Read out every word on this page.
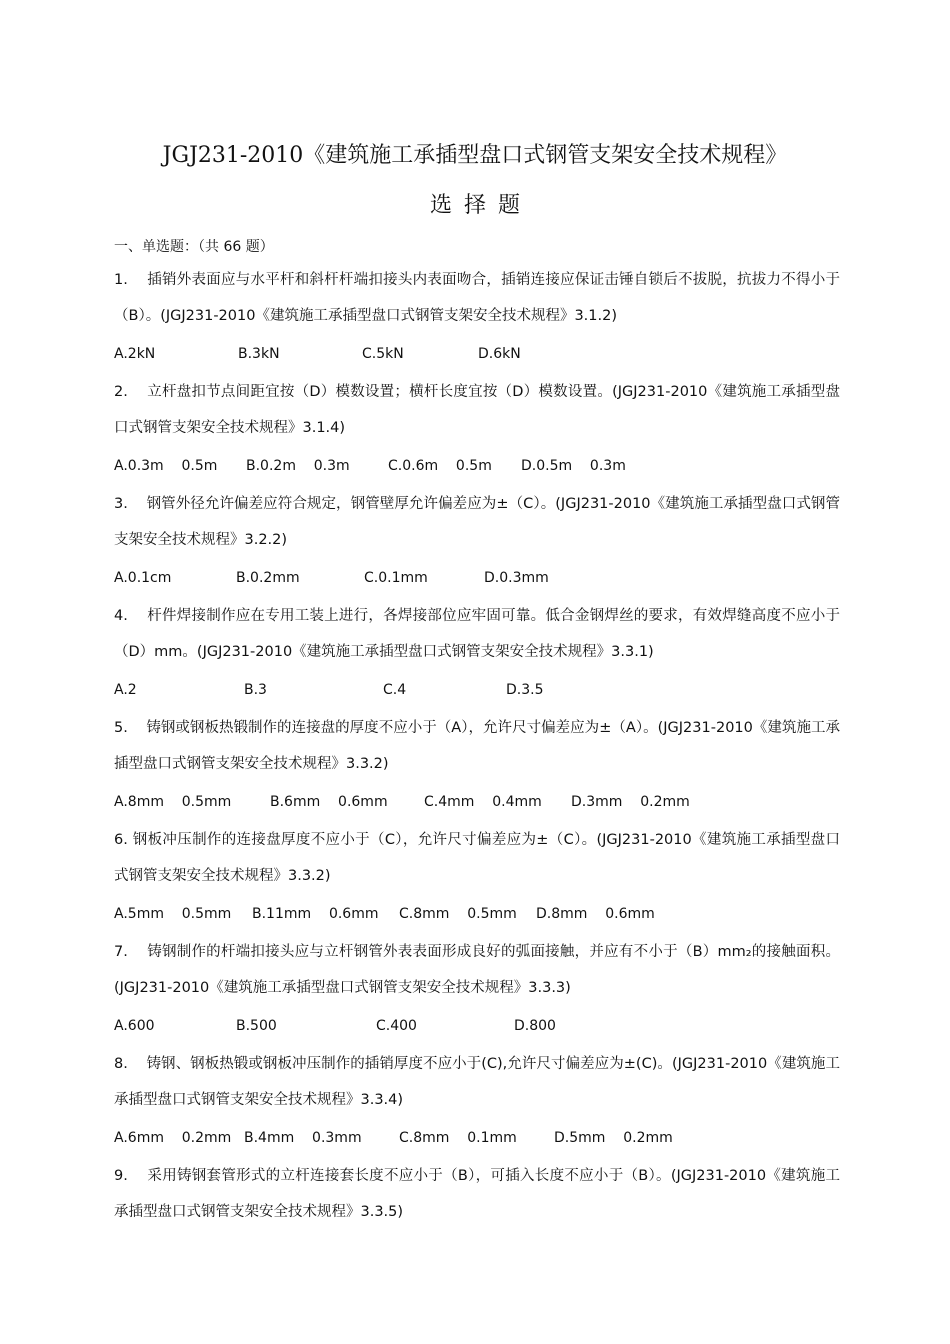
JGJ231-2010《建筑施工承插型盘口式钢管支架安全技术规程》
选择题
一、单选题：（共 66 题）
1.    插销外表面应与水平杆和斜杆杆端扣接头内表面吻合，插销连接应保证击锤自锁后不拔脱，抗拔力不得小于（B）。(JGJ231-2010《建筑施工承插型盘口式钢管支架安全技术规程》3.1.2)
A.2kN	B.3kN	C.5kN	D.6kN
2.    立杆盘扣节点间距宜按（D）模数设置；横杆长度宜按（D）模数设置。(JGJ231-2010《建筑施工承插型盘口式钢管支架安全技术规程》3.1.4)
A.0.3m    0.5m B.0.2m    0.3m	C.0.6m    0.5m D.0.5m    0.3m
3.    钢管外径允许偏差应符合规定，钢管壁厚允许偏差应为±（C）。(JGJ231-2010《建筑施工承插型盘口式钢管支架安全技术规程》3.2.2)
A.0.1cm	B.0.2mm	C.0.1mm	D.0.3mm
4.    杆件焊接制作应在专用工装上进行，各焊接部位应牢固可靠。低合金钢焊丝的要求，有效焊缝高度不应小于（D）mm。(JGJ231-2010《建筑施工承插型盘口式钢管支架安全技术规程》3.3.1)
A.2	B.3	C.4	D.3.5
5.    铸钢或钢板热锻制作的连接盘的厚度不应小于（A），允许尺寸偏差应为±（A）。(JGJ231-2010《建筑施工承插型盘口式钢管支架安全技术规程》3.3.2)
A.8mm    0.5mm	B.6mm    0.6mm	C.4mm    0.4mm D.3mm    0.2mm
6. 钢板冲压制作的连接盘厚度不应小于（C），允许尺寸偏差应为±（C）。(JGJ231-2010《建筑施工承插型盘口式钢管支架安全技术规程》3.3.2)
A.5mm    0.5mm B.11mm    0.6mm C.8mm    0.5mm D.8mm    0.6mm
7.    铸钢制作的杆端扣接头应与立杆钢管外表表面形成良好的弧面接触，并应有不小于（B）mm₂的接触面积。(JGJ231-2010《建筑施工承插型盘口式钢管支架安全技术规程》3.3.3)
A.600	B.500	C.400	D.800
8.    铸钢、钢板热锻或钢板冲压制作的插销厚度不应小于(C),允许尺寸偏差应为±(C)。(JGJ231-2010《建筑施工承插型盘口式钢管支架安全技术规程》3.3.4)
A.6mm    0.2mm B.4mm    0.3mm	C.8mm    0.1mm	D.5mm    0.2mm
9.    采用铸钢套管形式的立杆连接套长度不应小于（B），可插入长度不应小于（B）。(JGJ231-2010《建筑施工承插型盘口式钢管支架安全技术规程》3.3.5)
